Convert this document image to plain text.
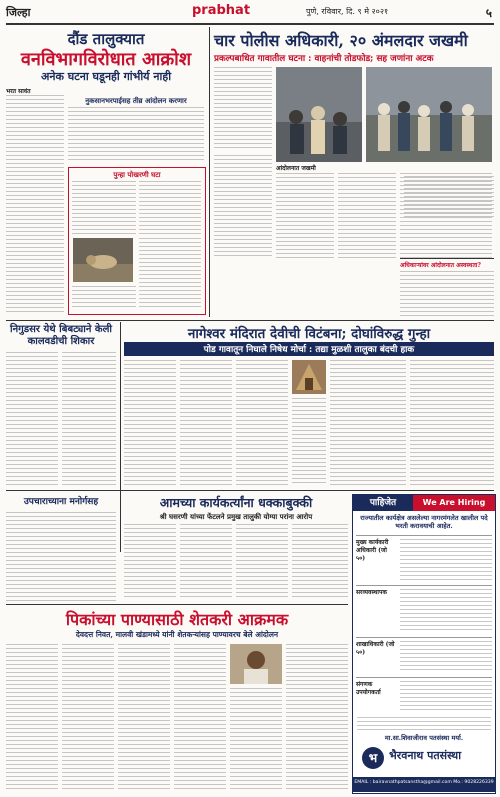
जिल्हा	prabhat	पुणे, रविवार, दि. ९ मे २०२१	५
दौंड तालुक्यात
वनविभागविरोधात आक्रोश
अनेक घटना घडूनही गांभीर्य नाही
भरत सावंत
नुकसानभरपाईसह तीव्र आंदोलन करणार
पुन्हा पोखरणी घटा
चार पोलीस अधिकारी, २० अंमलदार जखमी
प्रकल्पबाधित गावातील घटना : वाहनांची तोडफोड; सह जणांना अटक
आंदोलनात जखमी
अधिकाऱ्यांवर आंदोलनात अस्वस्थता?
निगुडसर येथे बिबट्याने केली कालवडीची शिकार	नागेश्वर मंदिरात देवीची विटंबना; दोघांविरुद्ध गुन्हा
पोड गावातून निघाले निषेध मोर्चा : तद्या मुळशी तालुका बंदची हाक
उपचाराच्याना मनोर्गसह	आमच्या कार्यकर्त्यांना धक्काबुक्की
श्री घसरणी यांच्या फेंटलने प्रमुख तालुकी योग्या परांना आरोप
पाहिजेत	We Are Hiring
राज्यातील कार्यक्षेत्र असलेल्या नागरमंगलेत खालील पदे भरती करावयाची आहेत.
मुख्य कार्यकारी अधिकारी (जो ५०)
सरव्यवस्थापक
शाखाधिकारी (जो ५०)
संगणक उपयोगकर्ता
मा.सा.शिवाजीराव पतसंस्था मर्या.
भ भैरवनाथ पतसंस्था
EMAIL : bairavnathpatsanstha@gmail.com Mo.: 9028226339
पिकांच्या पाण्यासाठी शेतकरी आक्रमक
देवदत्त निवत, मालवी खंडामध्ये यांनी शेतकऱ्यांसह पाण्यावरच बेले आंदोलन
